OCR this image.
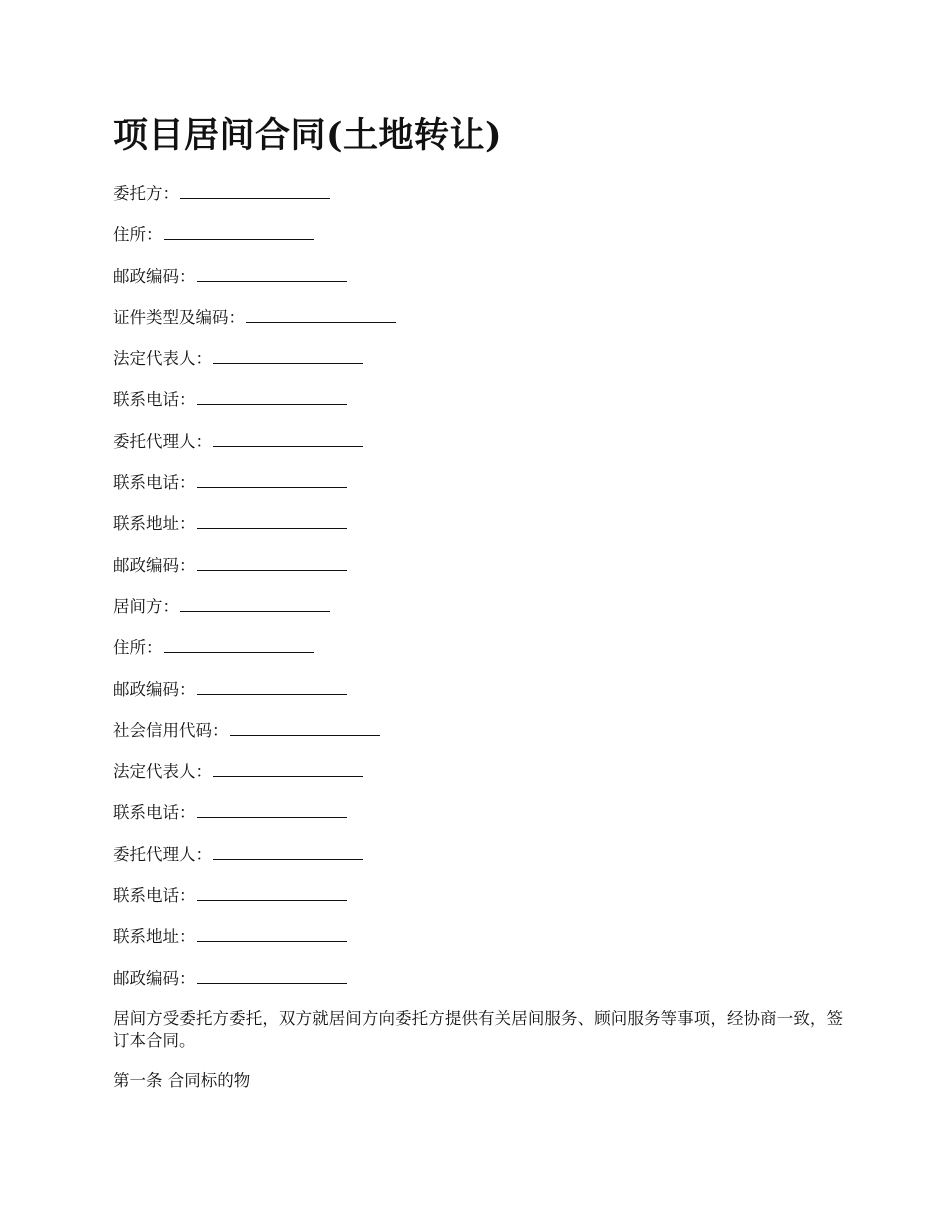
项目居间合同(土地转让)
委托方：
住所：
邮政编码：
证件类型及编码：
法定代表人：
联系电话：
委托代理人：
联系电话：
联系地址：
邮政编码：
居间方：
住所：
邮政编码：
社会信用代码：
法定代表人：
联系电话：
委托代理人：
联系电话：
联系地址：
邮政编码：

居间方受委托方委托，双方就居间方向委托方提供有关居间服务、顾问服务等事项，经协商一致，签订本合同。

第一条 合同标的物
